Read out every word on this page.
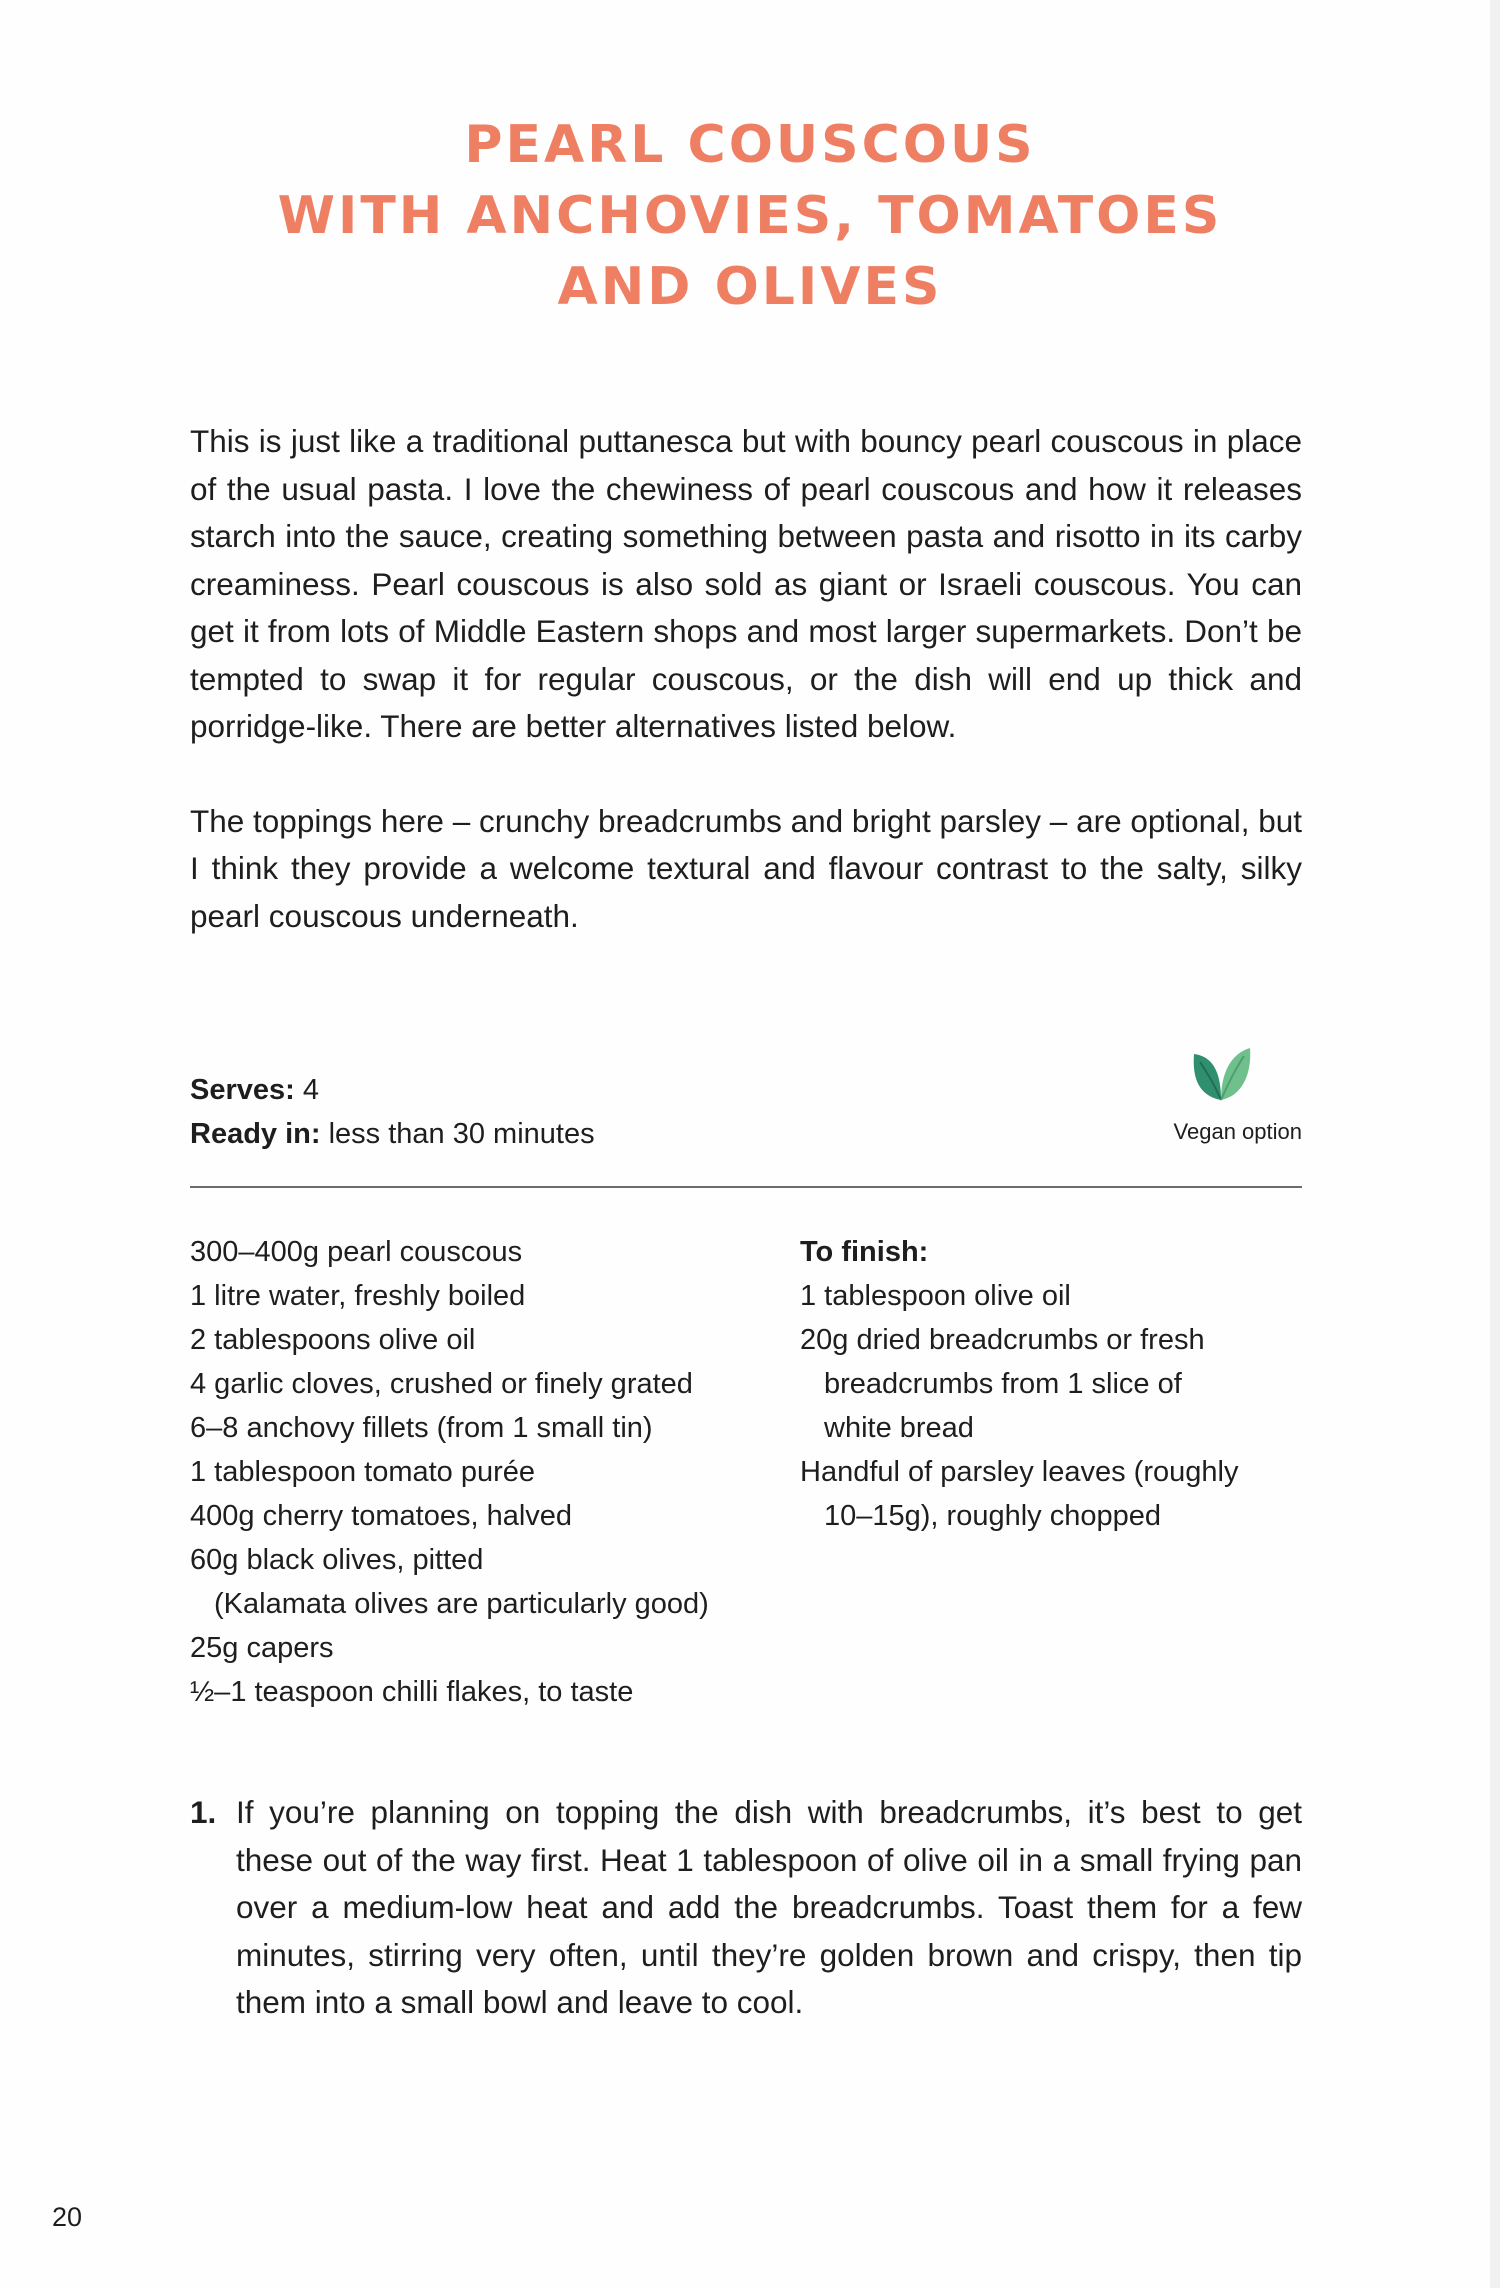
PEARL COUSCOUS
WITH ANCHOVIES, TOMATOES
AND OLIVES

This is just like a traditional puttanesca but with bouncy pearl couscous in place of the usual pasta. I love the chewiness of pearl couscous and how it releases starch into the sauce, creating something between pasta and risotto in its carby creaminess. Pearl couscous is also sold as giant or Israeli couscous. You can get it from lots of Middle Eastern shops and most larger supermarkets. Don’t be tempted to swap it for regular couscous, or the dish will end up thick and porridge-like. There are better alternatives listed below.

The toppings here – crunchy breadcrumbs and bright parsley – are optional, but I think they provide a welcome textural and flavour contrast to the salty, silky pearl couscous underneath.

Serves: 4
Ready in: less than 30 minutes	Vegan option
300–400g pearl couscous
1 litre water, freshly boiled
2 tablespoons olive oil
4 garlic cloves, crushed or finely grated
6–8 anchovy fillets (from 1 small tin)
1 tablespoon tomato purée
400g cherry tomatoes, halved
60g black olives, pitted
(Kalamata olives are particularly good)
25g capers
½–1 teaspoon chilli flakes, to taste
To finish:
1 tablespoon olive oil
20g dried breadcrumbs or fresh
breadcrumbs from 1 slice of
white bread
Handful of parsley leaves (roughly
10–15g), roughly chopped
1. If you’re planning on topping the dish with breadcrumbs, it’s best to get these out of the way first. Heat 1 tablespoon of olive oil in a small frying pan over a medium-low heat and add the breadcrumbs. Toast them for a few minutes, stirring very often, until they’re golden brown and crispy, then tip them into a small bowl and leave to cool.
20
